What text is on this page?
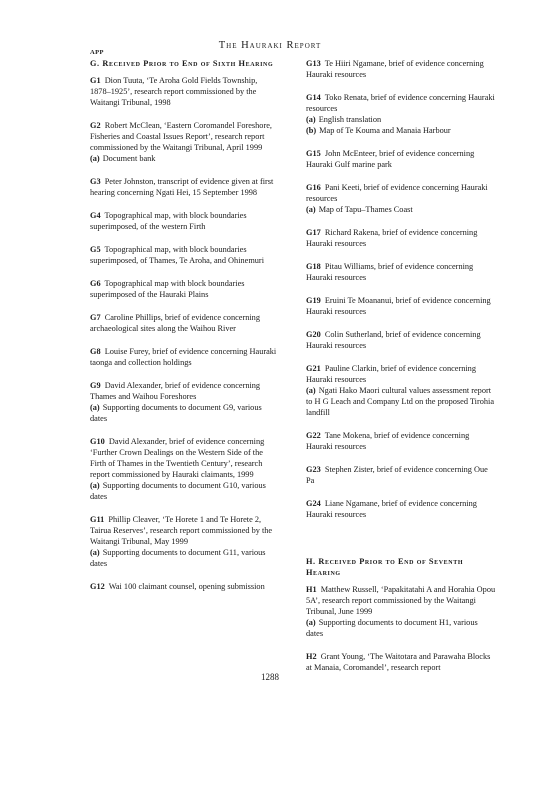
The Hauraki Report
APP
G. Received Prior to End of Sixth Hearing

G1 Dion Tuuta, ‘Te Aroha Gold Fields Township, 1878–1925’, research report commissioned by the Waitangi Tribunal, 1998

G2 Robert McClean, ‘Eastern Coromandel Foreshore, Fisheries and Coastal Issues Report’, research report commissioned by the Waitangi Tribunal, April 1999

(a) Document bank

G3 Peter Johnston, transcript of evidence given at first hearing concerning Ngati Hei, 15 September 1998

G4 Topographical map, with block boundaries superimposed, of the western Firth

G5 Topographical map, with block boundaries superimposed, of Thames, Te Aroha, and Ohinemuri

G6 Topographical map with block boundaries superimposed of the Hauraki Plains

G7 Caroline Phillips, brief of evidence concerning archaeological sites along the Waihou River

G8 Louise Furey, brief of evidence concerning Hauraki taonga and collection holdings

G9 David Alexander, brief of evidence concerning Thames and Waihou Foreshores

(a) Supporting documents to document G9, various dates

G10 David Alexander, brief of evidence concerning ‘Further Crown Dealings on the Western Side of the Firth of Thames in the Twentieth Century’, research report commissioned by Hauraki claimants, 1999

(a) Supporting documents to document G10, various dates

G11 Phillip Cleaver, ‘Te Horete 1 and Te Horete 2, Tairua Reserves’, research report commissioned by the Waitangi Tribunal, May 1999

(a) Supporting documents to document G11, various dates

G12 Wai 100 claimant counsel, opening submission

G13 Te Hiiri Ngamane, brief of evidence concerning Hauraki resources

G14 Toko Renata, brief of evidence concerning Hauraki resources

(a) English translation

(b) Map of Te Kouma and Manaia Harbour

G15 John McEnteer, brief of evidence concerning Hauraki Gulf marine park

G16 Pani Keeti, brief of evidence concerning Hauraki resources

(a) Map of Tapu–Thames Coast

G17 Richard Rakena, brief of evidence concerning Hauraki resources

G18 Pitau Williams, brief of evidence concerning Hauraki resources

G19 Eruini Te Moananui, brief of evidence concerning Hauraki resources

G20 Colin Sutherland, brief of evidence concerning Hauraki resources

G21 Pauline Clarkin, brief of evidence concerning Hauraki resources

(a) Ngati Hako Maori cultural values assessment report to H G Leach and Company Ltd on the proposed Tirohia landfill

G22 Tane Mokena, brief of evidence concerning Hauraki resources

G23 Stephen Zister, brief of evidence concerning Oue Pa

G24 Liane Ngamane, brief of evidence concerning Hauraki resources

H. Received Prior to End of Seventh Hearing

H1 Matthew Russell, ‘Papakitatahi A and Horahia Opou 5A’, research report commissioned by the Waitangi Tribunal, June 1999

(a) Supporting documents to document H1, various dates

H2 Grant Young, ‘The Waitotara and Parawaha Blocks at Manaia, Coromandel’, research report

1288
